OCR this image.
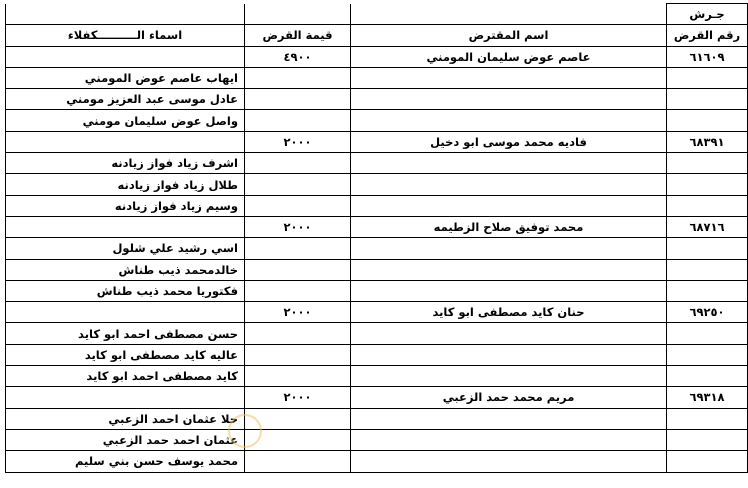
			جـرش
اسماء الــــــــــكفلاء	قيمة القرض	اسم المقترض	رقم القرض
	٤٩٠٠	عاصم عوض سليمان المومني	٦١٦٠٩
ايهاب عاصم عوض المومني			
عادل موسى عبد العزيز مومني			
واصل عوض سليمان مومني			
	٢٠٠٠	فاديه محمد موسى ابو دخيل	٦٨٣٩١
اشرف زياد فواز زيادنه			
طلال زياد فواز زيادنه			
وسيم زياد فواز زيادنه			
	٢٠٠٠	محمد توفيق صلاح الزطيمه	٦٨٧١٦
اسي رشيد علي شلول			
خالدمحمد ذيب طناش			
فكتوريا محمد ذيب طناش			
	٢٠٠٠	حنان كايد مصطفى ابو كايد	٦٩٢٥٠
حسن مصطفى احمد ابو كايد			
عاليه كايد مصطفى ابو كايد			
كايد مصطفى احمد ابو كايد			
	٢٠٠٠	مريم محمد حمد الزعبي	٦٩٣١٨
حلا عثمان احمد الزعبي			
عثمان احمد حمد الزعبي			
محمد يوسف حسن بني سليم			
